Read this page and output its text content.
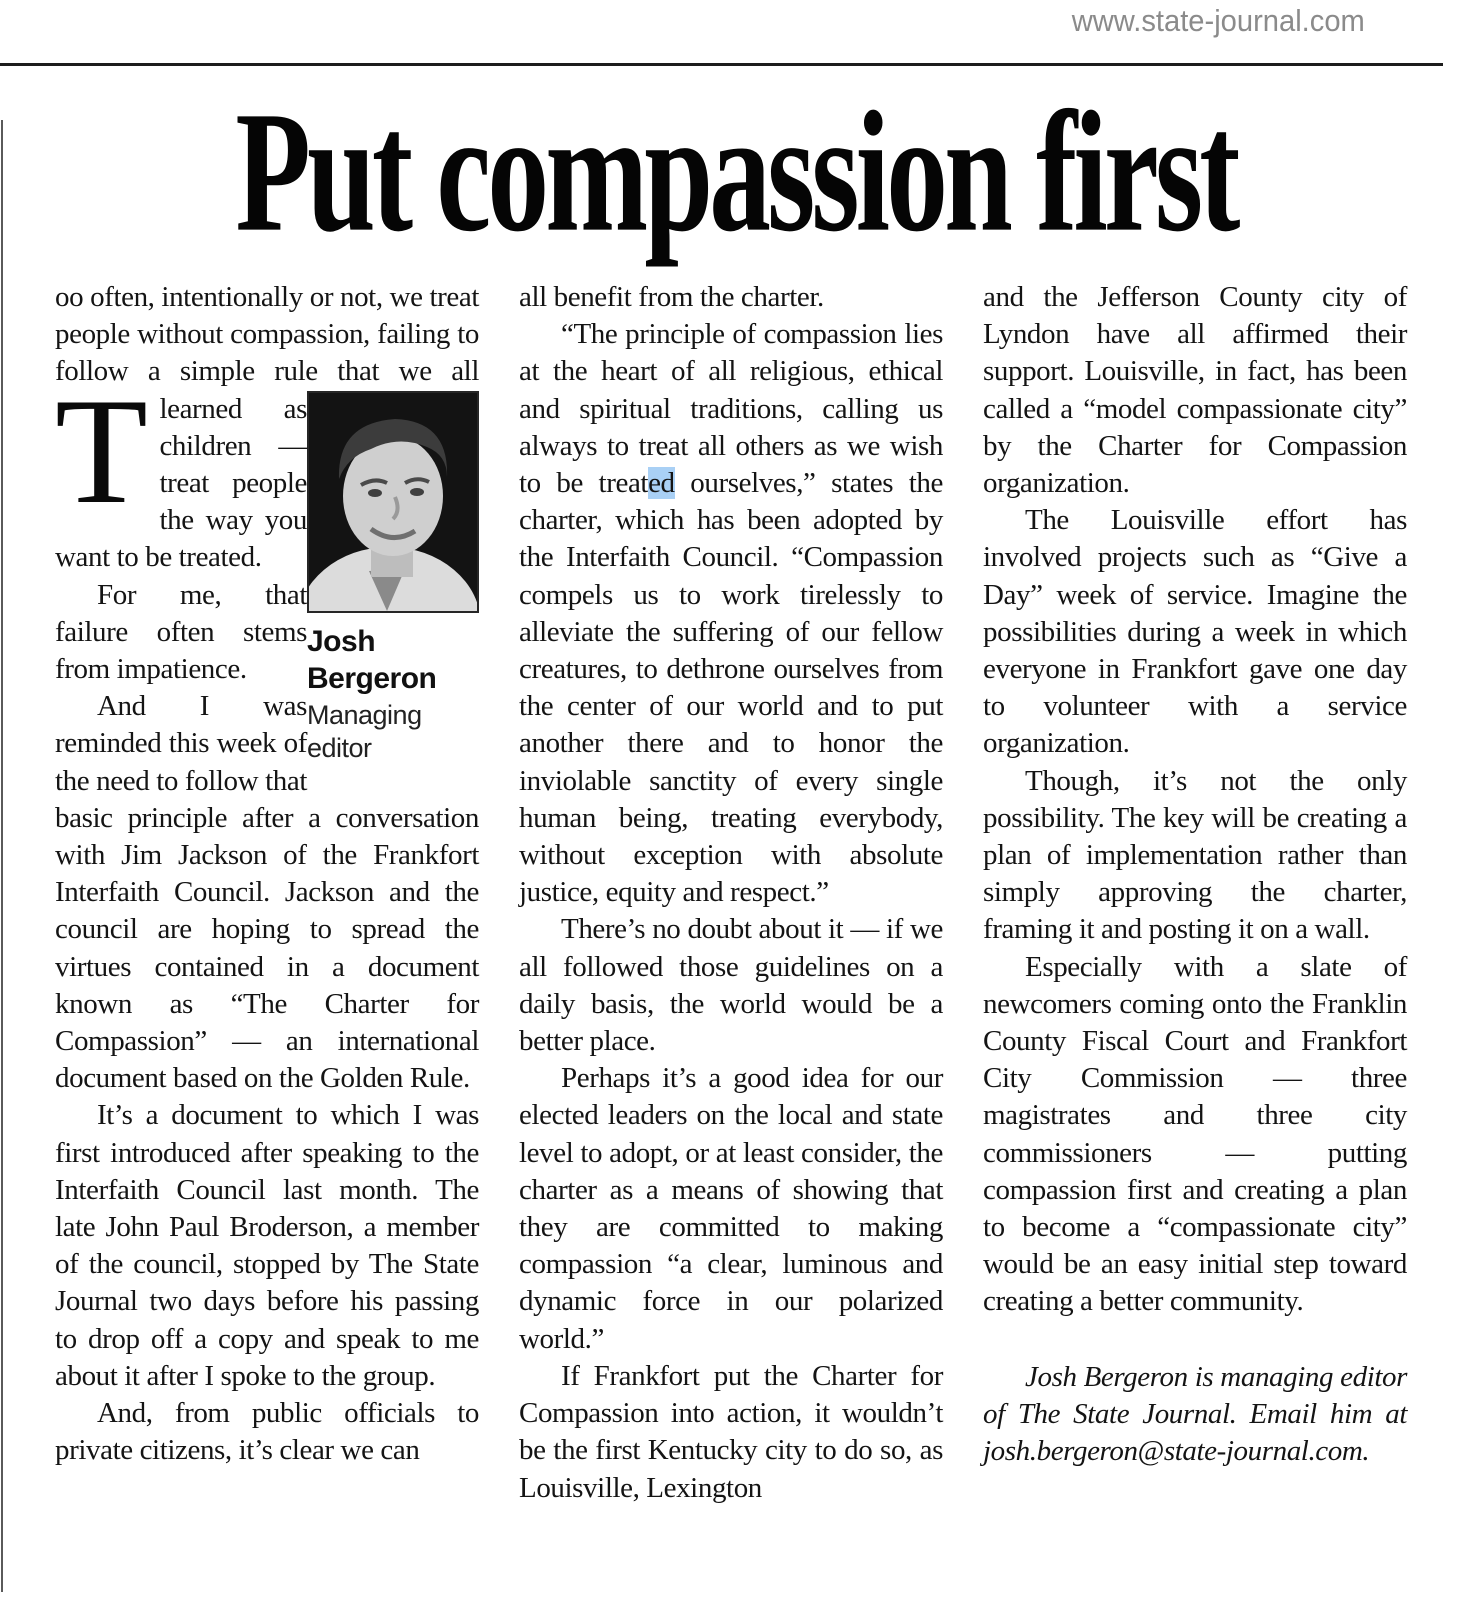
www.state-journal.com
Put compassion first
Josh Bergeron
Managing editor

Too often, intentionally or not, we treat people without compassion, failing to follow a simple rule that we all learned as children — treat people the way you want to be treated.

For me, that failure often stems from impatience.

And I was reminded this week of the need to follow that basic principle after a conversation with Jim Jackson of the Frankfort Interfaith Council. Jackson and the council are hoping to spread the virtues contained in a document known as “The Charter for Compassion” — an international document based on the Golden Rule.

It’s a document to which I was first introduced after speaking to the Interfaith Council last month. The late John Paul Broderson, a member of the council, stopped by The State Journal two days before his passing to drop off a copy and speak to me about it after I spoke to the group.

And, from public officials to private citizens, it’s clear we can

all benefit from the charter.

“The principle of compassion lies at the heart of all religious, ethical and spiritual traditions, calling us always to treat all others as we wish to be treated ourselves,” states the charter, which has been adopted by the Interfaith Council. “Compassion compels us to work tirelessly to alleviate the suffering of our fellow creatures, to dethrone ourselves from the center of our world and to put another there and to honor the inviolable sanctity of every single human being, treating everybody, without exception with absolute justice, equity and respect.”

There’s no doubt about it — if we all followed those guidelines on a daily basis, the world would be a better place.

Perhaps it’s a good idea for our elected leaders on the local and state level to adopt, or at least consider, the charter as a means of showing that they are committed to making compassion “a clear, luminous and dynamic force in our polarized world.”

If Frankfort put the Charter for Compassion into action, it wouldn’t be the first Kentucky city to do so, as Louisville, Lexington

and the Jefferson County city of Lyndon have all affirmed their support. Louisville, in fact, has been called a “model compassionate city” by the Charter for Compassion organization.

The Louisville effort has involved projects such as “Give a Day” week of service. Imagine the possibilities during a week in which everyone in Frankfort gave one day to volunteer with a service organization.

Though, it’s not the only possibility. The key will be creating a plan of implementation rather than simply approving the charter, framing it and posting it on a wall.

Especially with a slate of newcomers coming onto the Franklin County Fiscal Court and Frankfort City Commission — three magistrates and three city commissioners — putting compassion first and creating a plan to become a “compassionate city” would be an easy initial step toward creating a better community.

Josh Bergeron is managing editor of The State Journal. Email him at josh.bergeron@state-journal.com.
